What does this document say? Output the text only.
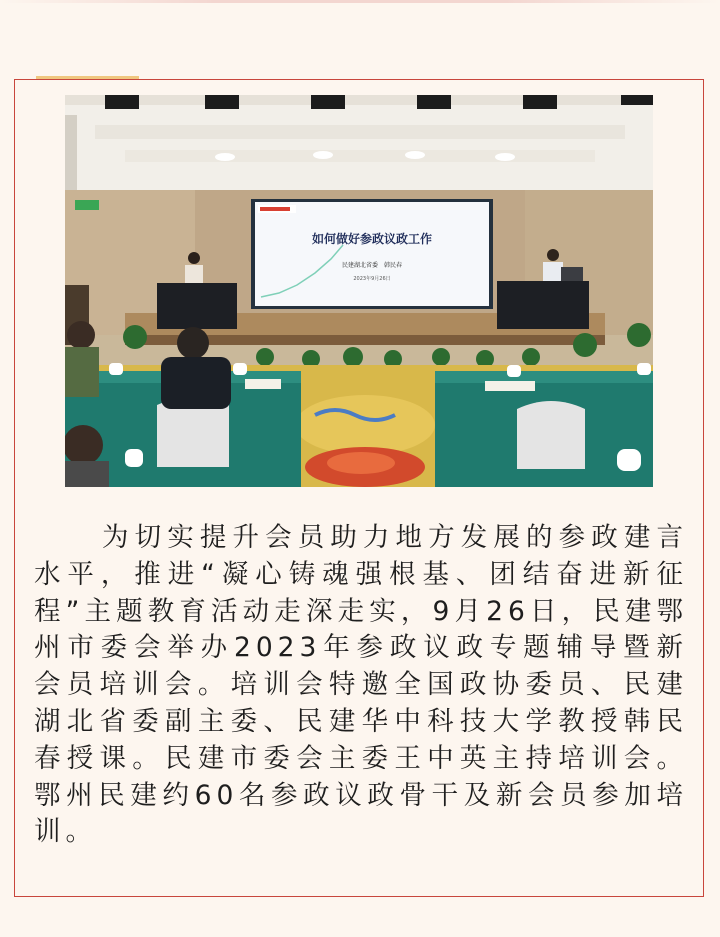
如何做好参政议政工作
民建湖北省委　韩民春
2023年9月26日

为切实提升会员助力地方发展的参政建言水平，推进“凝心铸魂强根基、团结奋进新征程”主题教育活动走深走实，9月26日，民建鄂州市委会举办2023年参政议政专题辅导暨新会员培训会。培训会特邀全国政协委员、民建湖北省委副主委、民建华中科技大学教授韩民春授课。民建市委会主委王中英主持培训会。鄂州民建约60名参政议政骨干及新会员参加培训。
